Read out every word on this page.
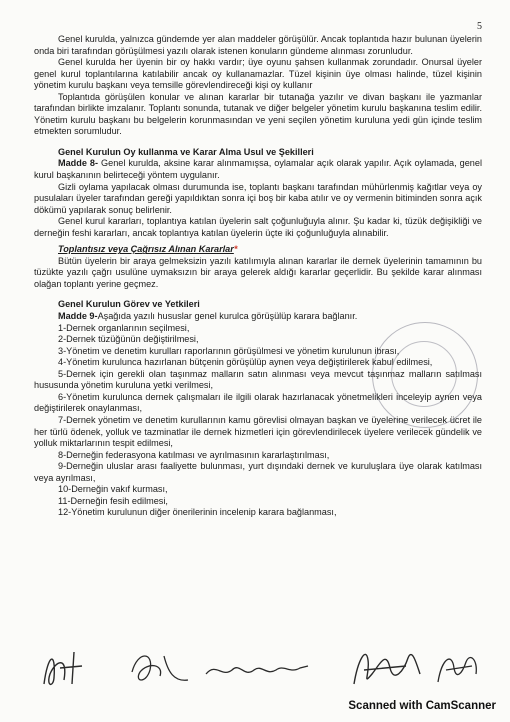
5

Genel kurulda, yalnızca gündemde yer alan maddeler görüşülür. Ancak toplantıda hazır bulunan üyelerin onda biri tarafından görüşülmesi yazılı olarak istenen konuların gündeme alınması zorunludur.

Genel kurulda her üyenin bir oy hakkı vardır; üye oyunu şahsen kullanmak zorundadır. Onursal üyeler genel kurul toplantılarına katılabilir ancak oy kullanamazlar. Tüzel kişinin üye olması halinde, tüzel kişinin yönetim kurulu başkanı veya temsille görevlendireceği kişi oy kullanır

Toplantıda görüşülen konular ve alınan kararlar bir tutanağa yazılır ve divan başkanı ile yazmanlar tarafından birlikte imzalanır. Toplantı sonunda, tutanak ve diğer belgeler yönetim kurulu başkanına teslim edilir. Yönetim kurulu başkanı bu belgelerin korunmasından ve yeni seçilen yönetim kuruluna yedi gün içinde teslim etmekten sorumludur.

Genel Kurulun Oy kullanma ve Karar Alma Usul ve Şekilleri

Madde 8- Genel kurulda, aksine karar alınmamışsa, oylamalar açık olarak yapılır. Açık oylamada, genel kurul başkanının belirteceği yöntem uygulanır.

Gizli oylama yapılacak olması durumunda ise, toplantı başkanı tarafından mühürlenmiş kağıtlar veya oy pusulaları üyeler tarafından gereği yapıldıktan sonra içi boş bir kaba atılır ve oy vermenin bitiminden sonra açık dökümü yapılarak sonuç belirlenir.

Genel kurul kararları, toplantıya katılan üyelerin salt çoğunluğuyla alınır. Şu kadar ki, tüzük değişikliği ve derneğin feshi kararları, ancak toplantıya katılan üyelerin üçte iki çoğunluğuyla alınabilir.

Toplantısız veya Çağrısız Alınan Kararlar*

Bütün üyelerin bir araya gelmeksizin yazılı katılımıyla alınan kararlar ile dernek üyelerinin tamamının bu tüzükte yazılı çağrı usulüne uymaksızın bir araya gelerek aldığı kararlar geçerlidir. Bu şekilde karar alınması olağan toplantı yerine geçmez.

Genel Kurulun Görev ve Yetkileri

Madde 9-Aşağıda yazılı hususlar genel kurulca görüşülüp karara bağlanır.

1-Dernek organlarının seçilmesi,
2-Dernek tüzüğünün değiştirilmesi,
3-Yönetim ve denetim kurulları raporlarının görüşülmesi ve yönetim kurulunun ibrası,
4-Yönetim kurulunca hazırlanan bütçenin görüşülüp aynen veya değiştirilerek kabul edilmesi,
5-Dernek için gerekli olan taşınmaz malların satın alınması veya mevcut taşınmaz malların satılması hususunda yönetim kuruluna yetki verilmesi,
6-Yönetim kurulunca dernek çalışmaları ile ilgili olarak hazırlanacak yönetmelikleri inceleyip aynen veya değiştirilerek onaylanması,
7-Dernek yönetim ve denetim kurullarının kamu görevlisi olmayan başkan ve üyelerine verilecek ücret ile her türlü ödenek, yolluk ve tazminatlar ile dernek hizmetleri için görevlendirilecek üyelere verilecek gündelik ve yolluk miktarlarının tespit edilmesi,
8-Derneğin federasyona katılması ve ayrılmasının kararlaştırılması,
9-Derneğin uluslar arası faaliyette bulunması, yurt dışındaki dernek ve kuruluşlara üye olarak katılması veya ayrılması,
10-Derneğin vakıf kurması,
11-Derneğin fesih edilmesi,
12-Yönetim kurulunun diğer önerilerinin incelenip karara bağlanması,
Scanned with CamScanner
